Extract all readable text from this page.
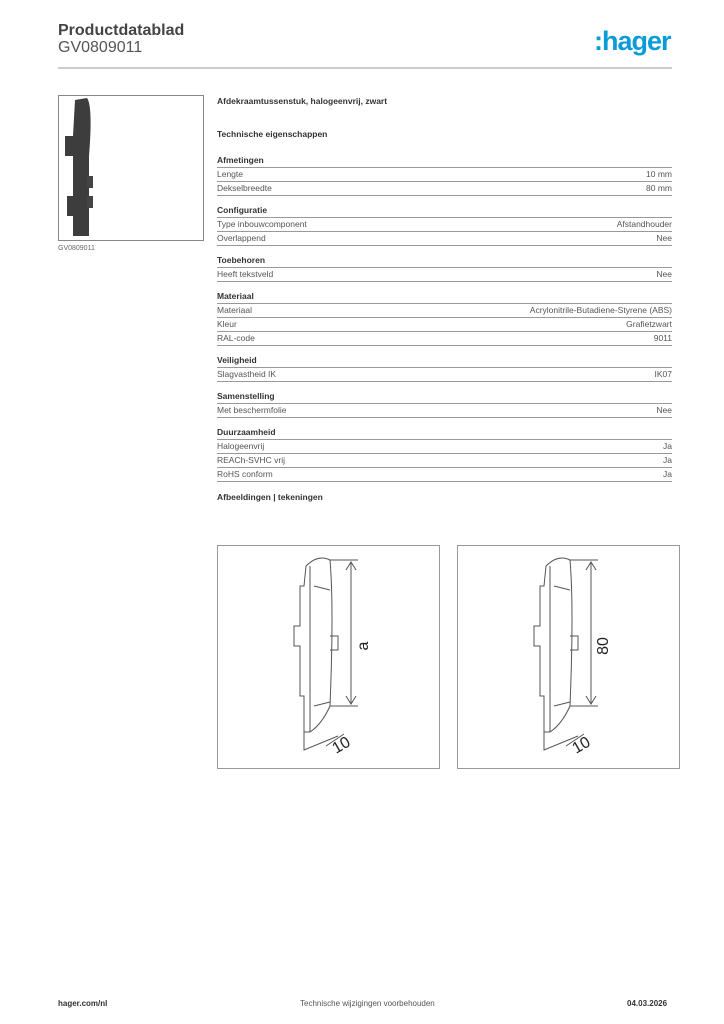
Productdatablad
GV0809011	:hager
GV0809011
Afdekraamtussenstuk, halogeenvrij, zwart
Technische eigenschappen
Afmetingen
Lengte	10 mm
Dekselbreedte	80 mm
Configuratie
Type inbouwcomponent	Afstandhouder
Overlappend	Nee
Toebehoren
Heeft tekstveld	Nee
Materiaal
Materiaal	Acrylonitrile-Butadiene-Styrene (ABS)
Kleur	Grafietzwart
RAL-code	9011
Veiligheid
Slagvastheid IK	IK07
Samenstelling
Met beschermfolie	Nee
Duurzaamheid
Halogeenvrij	Ja
REACh-SVHC vrij	Ja
RoHS conform	Ja
Afbeeldingen | tekeningen
a
10
80
10
hager.com/nl	Technische wijzigingen voorbehouden	04.03.2026
